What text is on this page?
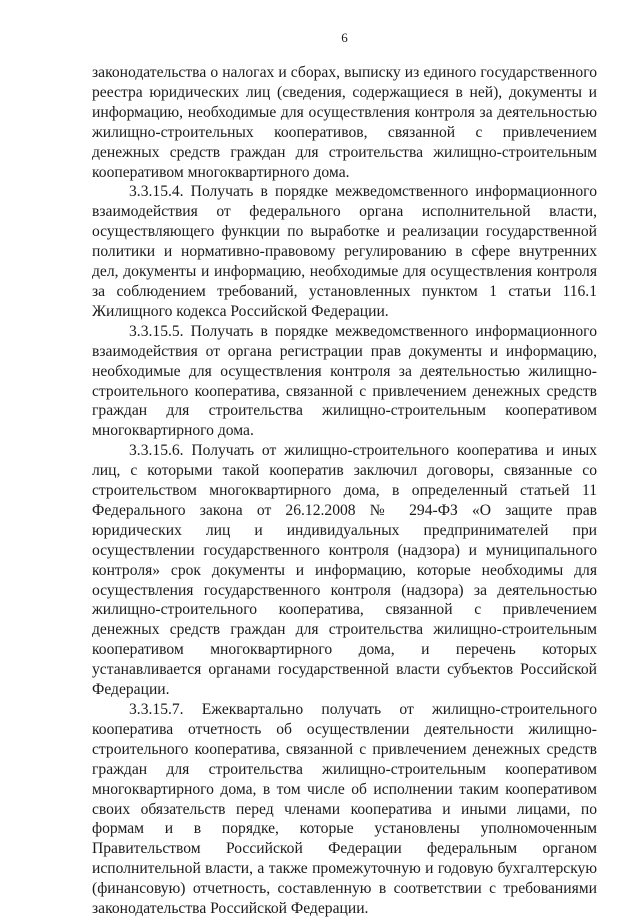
6

законодательства о налогах и сборах, выписку из единого государственного реестра юридических лиц (сведения, содержащиеся в ней), документы и информацию, необходимые для осуществления контроля за деятельностью жилищно-строительных кооперативов, связанной с привлечением денежных средств граждан для строительства жилищно-строительным кооперативом многоквартирного дома.

3.3.15.4. Получать в порядке межведомственного информационного взаимодействия от федерального органа исполнительной власти, осуществляющего функции по выработке и реализации государственной политики и нормативно-правовому регулированию в сфере внутренних дел, документы и информацию, необходимые для осуществления контроля за соблюдением требований, установленных пунктом 1 статьи 116.1 Жилищного кодекса Российской Федерации.

3.3.15.5. Получать в порядке межведомственного информационного взаимодействия от органа регистрации прав документы и информацию, необходимые для осуществления контроля за деятельностью жилищно-строительного кооператива, связанной с привлечением денежных средств граждан для строительства жилищно-строительным кооперативом многоквартирного дома.

3.3.15.6. Получать от жилищно-строительного кооператива и иных лиц, с которыми такой кооператив заключил договоры, связанные со строительством многоквартирного дома, в определенный статьей 11 Федерального закона от 26.12.2008 № 294-ФЗ «О защите прав юридических лиц и индивидуальных предпринимателей при осуществлении государственного контроля (надзора) и муниципального контроля» срок документы и информацию, которые необходимы для осуществления государственного контроля (надзора) за деятельностью жилищно-строительного кооператива, связанной с привлечением денежных средств граждан для строительства жилищно-строительным кооперативом многоквартирного дома, и перечень которых устанавливается органами государственной власти субъектов Российской Федерации.

3.3.15.7. Ежеквартально получать от жилищно-строительного кооператива отчетность об осуществлении деятельности жилищно-строительного кооператива, связанной с привлечением денежных средств граждан для строительства жилищно-строительным кооперативом многоквартирного дома, в том числе об исполнении таким кооперативом своих обязательств перед членами кооператива и иными лицами, по формам и в порядке, которые установлены уполномоченным Правительством Российской Федерации федеральным органом исполнительной власти, а также промежуточную и годовую бухгалтерскую (финансовую) отчетность, составленную в соответствии с требованиями законодательства Российской Федерации.
